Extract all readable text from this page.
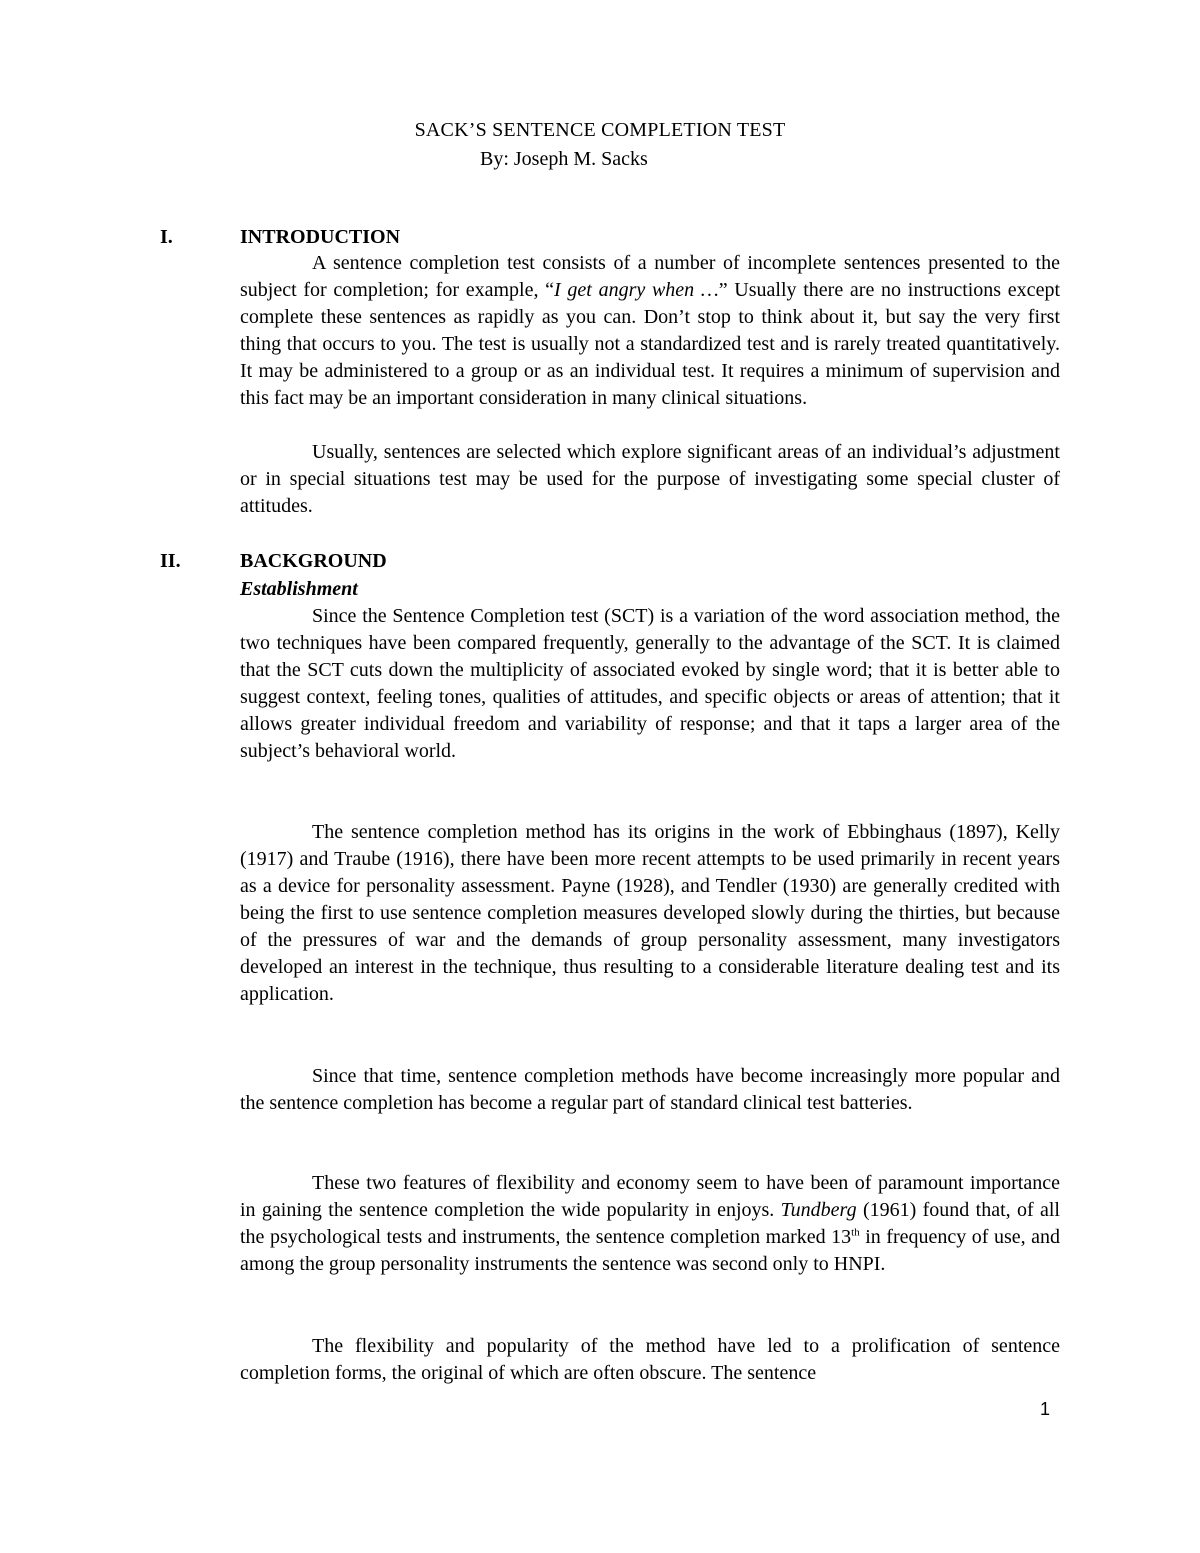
SACK’S SENTENCE COMPLETION TEST
By: Joseph M. Sacks
I.	INTRODUCTION

A sentence completion test consists of a number of incomplete sentences presented to the subject for completion; for example, “I get angry when …” Usually there are no instructions except complete these sentences as rapidly as you can. Don’t stop to think about it, but say the very first thing that occurs to you. The test is usually not a standardized test and is rarely treated quantitatively. It may be administered to a group or as an individual test. It requires a minimum of supervision and this fact may be an important consideration in many clinical situations.

Usually, sentences are selected which explore significant areas of an individual’s adjustment or in special situations test may be used for the purpose of investigating some special cluster of attitudes.

II.	BACKGROUND
Establishment

Since the Sentence Completion test (SCT) is a variation of the word association method, the two techniques have been compared frequently, generally to the advantage of the SCT. It is claimed that the SCT cuts down the multiplicity of associated evoked by single word; that it is better able to suggest context, feeling tones, qualities of attitudes, and specific objects or areas of attention; that it allows greater individual freedom and variability of response; and that it taps a larger area of the subject’s behavioral world.

The sentence completion method has its origins in the work of Ebbinghaus (1897), Kelly (1917) and Traube (1916), there have been more recent attempts to be used primarily in recent years as a device for personality assessment. Payne (1928), and Tendler (1930) are generally credited with being the first to use sentence completion measures developed slowly during the thirties, but because of the pressures of war and the demands of group personality assessment, many investigators developed an interest in the technique, thus resulting to a considerable literature dealing test and its application.

Since that time, sentence completion methods have become increasingly more popular and the sentence completion has become a regular part of standard clinical test batteries.

These two features of flexibility and economy seem to have been of paramount importance in gaining the sentence completion the wide popularity in enjoys. Tundberg (1961) found that, of all the psychological tests and instruments, the sentence completion marked 13th in frequency of use, and among the group personality instruments the sentence was second only to HNPI.

The flexibility and popularity of the method have led to a prolification of sentence completion forms, the original of which are often obscure. The sentence

1
